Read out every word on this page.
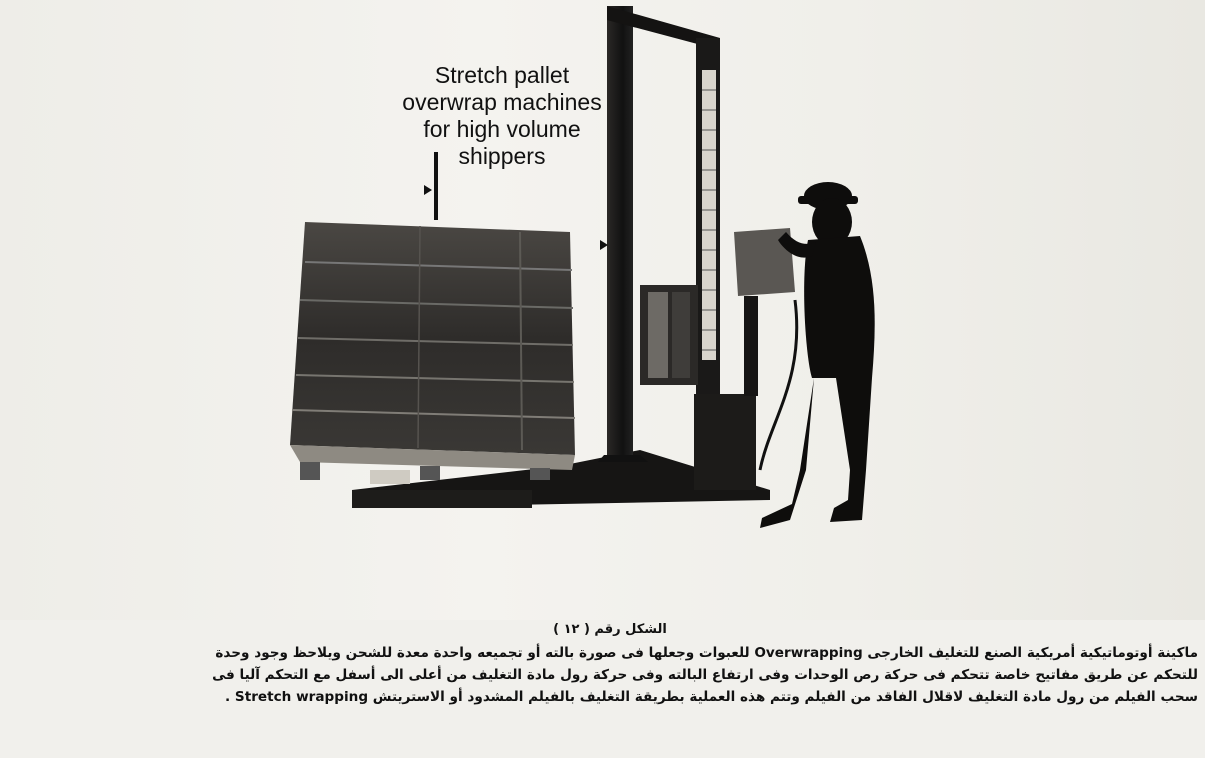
Stretch pallet
overwrap machines
for high volume
shippers
الشكل رقم ( ١٢ )
ماكينة أوتوماتيكية أمريكية الصنع للتغليف الخارجى Overwrapping للعبوات وجعلها فى صورة بالته أو تجميعه واحدة معدة للشحن ويلاحظ وجود وحدة
للتحكم عن طريق مفاتيح خاصة تتحكم فى حركة رص الوحدات وفى ارتفاع البالته وفى حركة رول مادة التغليف من أعلى الى أسفل مع التحكم آليا فى
سحب الفيلم من رول مادة التغليف لاقلال الفاقد من الفيلم وتتم هذه العملية بطريقة التغليف بالفيلم المشدود أو الاستريتش Stretch wrapping .
